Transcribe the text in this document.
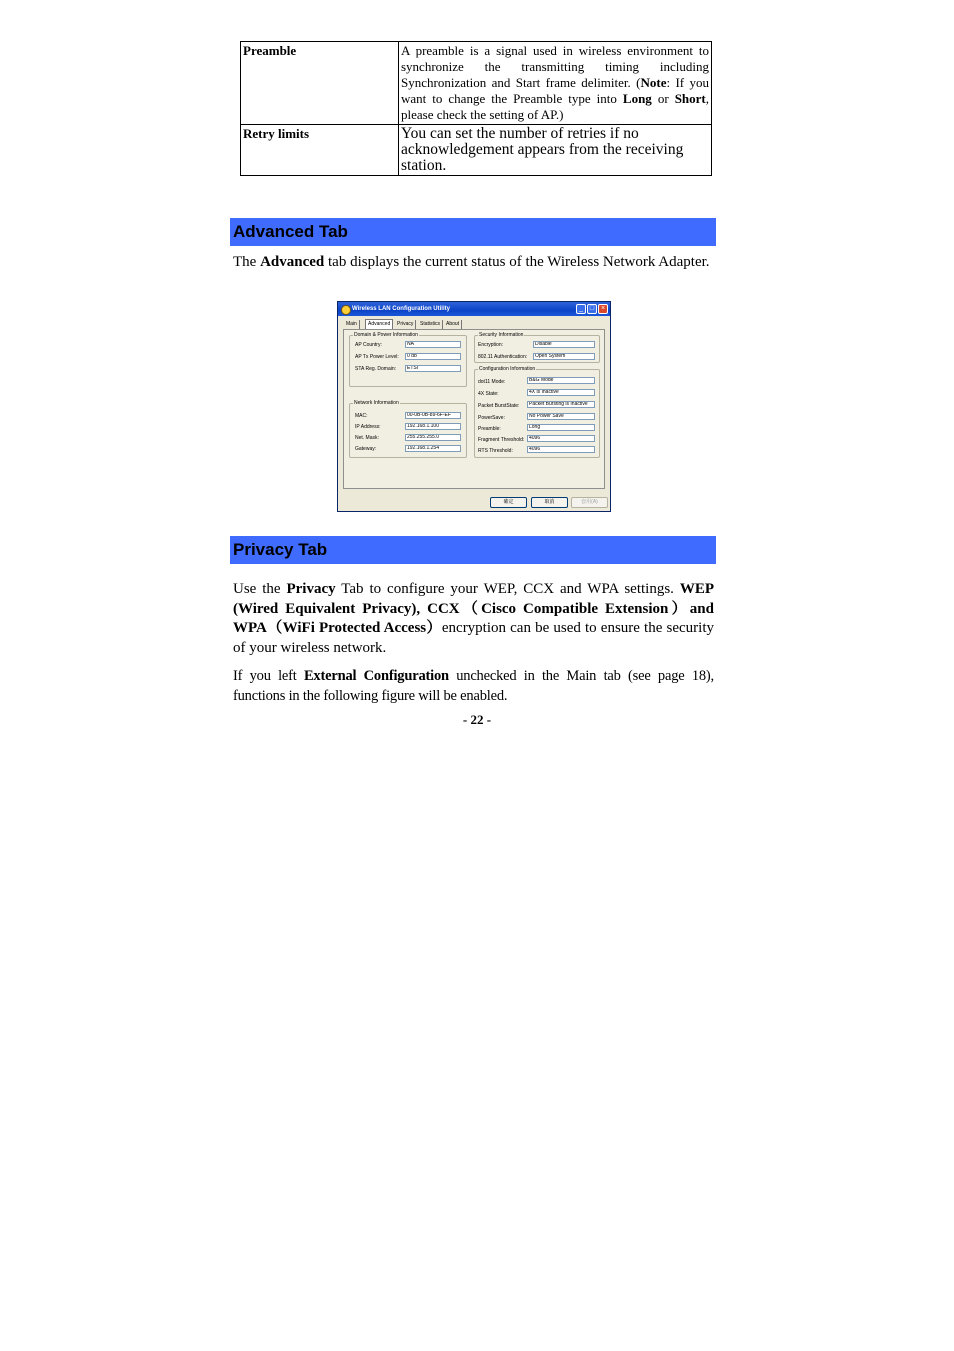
Preamble	A preamble is a signal used in wireless environment to synchronize the transmitting timing including Synchronization and Start frame delimiter. (Note: If you want to change the Preamble type into Long or Short, please check the setting of AP.)
Retry limits	You can set the number of retries if no acknowledgement appears from the receiving station.
Advanced Tab

The Advanced tab displays the current status of the Wireless Network Adapter.

Wireless LAN Configuration Utility	_ □ ×
Main	Advanced	Privacy	Statistics	About
Domain & Power Information
AP Country:	NA
AP Tx Power Level:	0 db
STA Reg. Domain:	ETSI
Network Information
MAC:	00-0B-0B-89-6F-EF
IP Address:	192.168.1.100
Net. Mask:	255.255.255.0
Gateway:	192.168.1.254
Security Information
Encryption:	Disable
802.11 Authentication:	Open System
Configuration Information
dot11 Mode:	B&G Mode
4X State:	4X is Inactive
Packet BurstState:	Packet Bursting is Inactive
PowerSave:	No Power Save
Preamble:	Long
Fragment Threshold: 4096
RTS Threshold:	4096
確定	取消	套用(A)
Privacy Tab

Use the Privacy Tab to configure your WEP, CCX and WPA settings. WEP (Wired Equivalent Privacy), CCX（Cisco Compatible Extension）and WPA（WiFi Protected Access）encryption can be used to ensure the security of your wireless network.

If you left External Configuration unchecked in the Main tab (see page 18), functions in the following figure will be enabled.

- 22 -
